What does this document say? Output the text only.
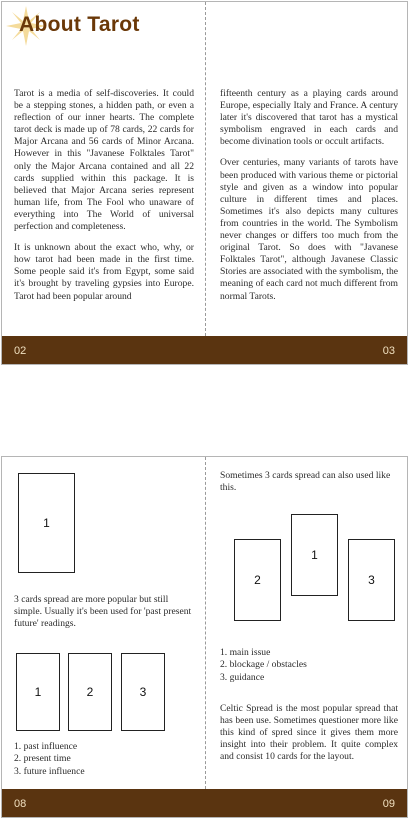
About Tarot

Tarot is a media of self-discoveries. It could be a stepping stones, a hidden path, or even a reflection of our inner hearts. The complete tarot deck is made up of 78 cards, 22 cards for Major Arcana and 56 cards of Minor Arcana. However in this "Javanese Folktales Tarot" only the Major Arcana contained and all 22 cards supplied within this package. It is believed that Major Arcana series represent human life, from The Fool who unaware of everything into The World of universal perfection and completeness.

It is unknown about the exact who, why, or how tarot had been made in the first time. Some people said it's from Egypt, some said it's brought by traveling gypsies into Europe. Tarot had been popular around

fifteenth century as a playing cards around Europe, especially Italy and France. A century later it's discovered that tarot has a mystical symbolism engraved in each cards and become divination tools or occult artifacts.

Over centuries, many variants of tarots have been produced with various theme or pictorial style and given as a window into popular culture in different times and places. Sometimes it's also depicts many cultures from countries in the world. The Symbolism never changes or differs too much from the original Tarot. So does with "Javanese Folktales Tarot", although Javanese Classic Stories are associated with the symbolism, the meaning of each card not much different from normal Tarots.

02	03
1

3 cards spread are more popular but still simple. Usually it's been used for 'past present future' readings.

1	2	3
1. past influence
2. present time
3. future influence

Sometimes 3 cards spread can also used like this.

1
2	3
1. main issue
2. blockage / obstacles
3. guidance

Celtic Spread is the most popular spread that has been use. Sometimes questioner more like this kind of spred since it gives them more insight into their problem. It quite complex and consist 10 cards for the layout.

08	09
